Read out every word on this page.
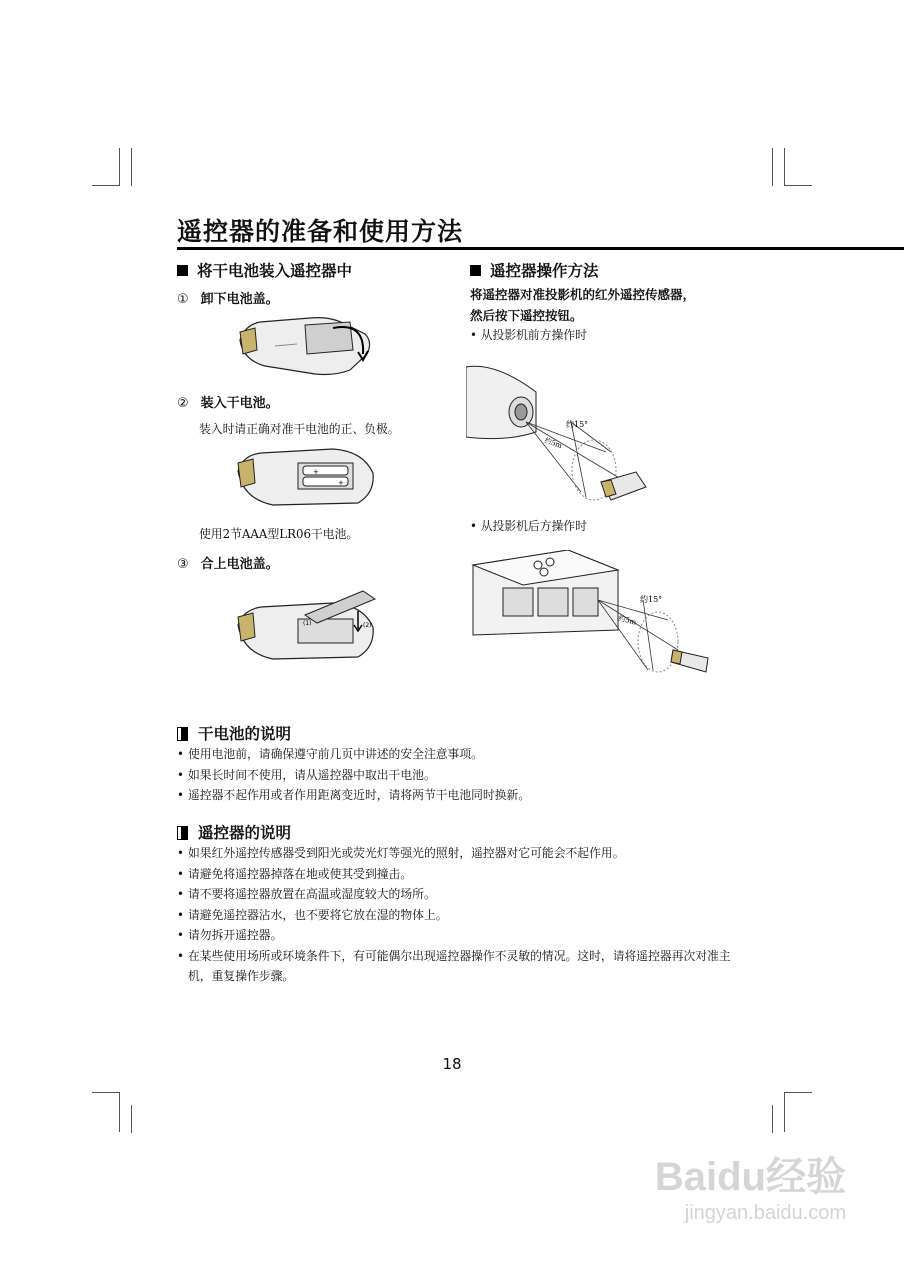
遥控器的准备和使用方法
将干电池装入遥控器中
① 卸下电池盖。
② 装入干电池。
装入时请正确对准干电池的正、负极。
+
+
使用2节AAA型LR06干电池。
③ 合上电池盖。
(1)	(2)
遥控器操作方法
将遥控器对准投影机的红外遥控传感器，
然后按下遥控按钮。
• 从投影机前方操作时
约15°
约5m
• 从投影机后方操作时
约15°
约5m
干电池的说明
• 使用电池前，请确保遵守前几页中讲述的安全注意事项。
• 如果长时间不使用，请从遥控器中取出干电池。
• 遥控器不起作用或者作用距离变近时，请将两节干电池同时换新。
遥控器的说明
• 如果红外遥控传感器受到阳光或荧光灯等强光的照射，遥控器对它可能会不起作用。
• 请避免将遥控器掉落在地或使其受到撞击。
• 请不要将遥控器放置在高温或湿度较大的场所。
• 请避免遥控器沾水，也不要将它放在湿的物体上。
• 请勿拆开遥控器。
• 在某些使用场所或环境条件下，有可能偶尔出现遥控器操作不灵敏的情况。这时，请将遥控器再次对准主机，重复操作步骤。
18
Baidu经验
jingyan.baidu.com
